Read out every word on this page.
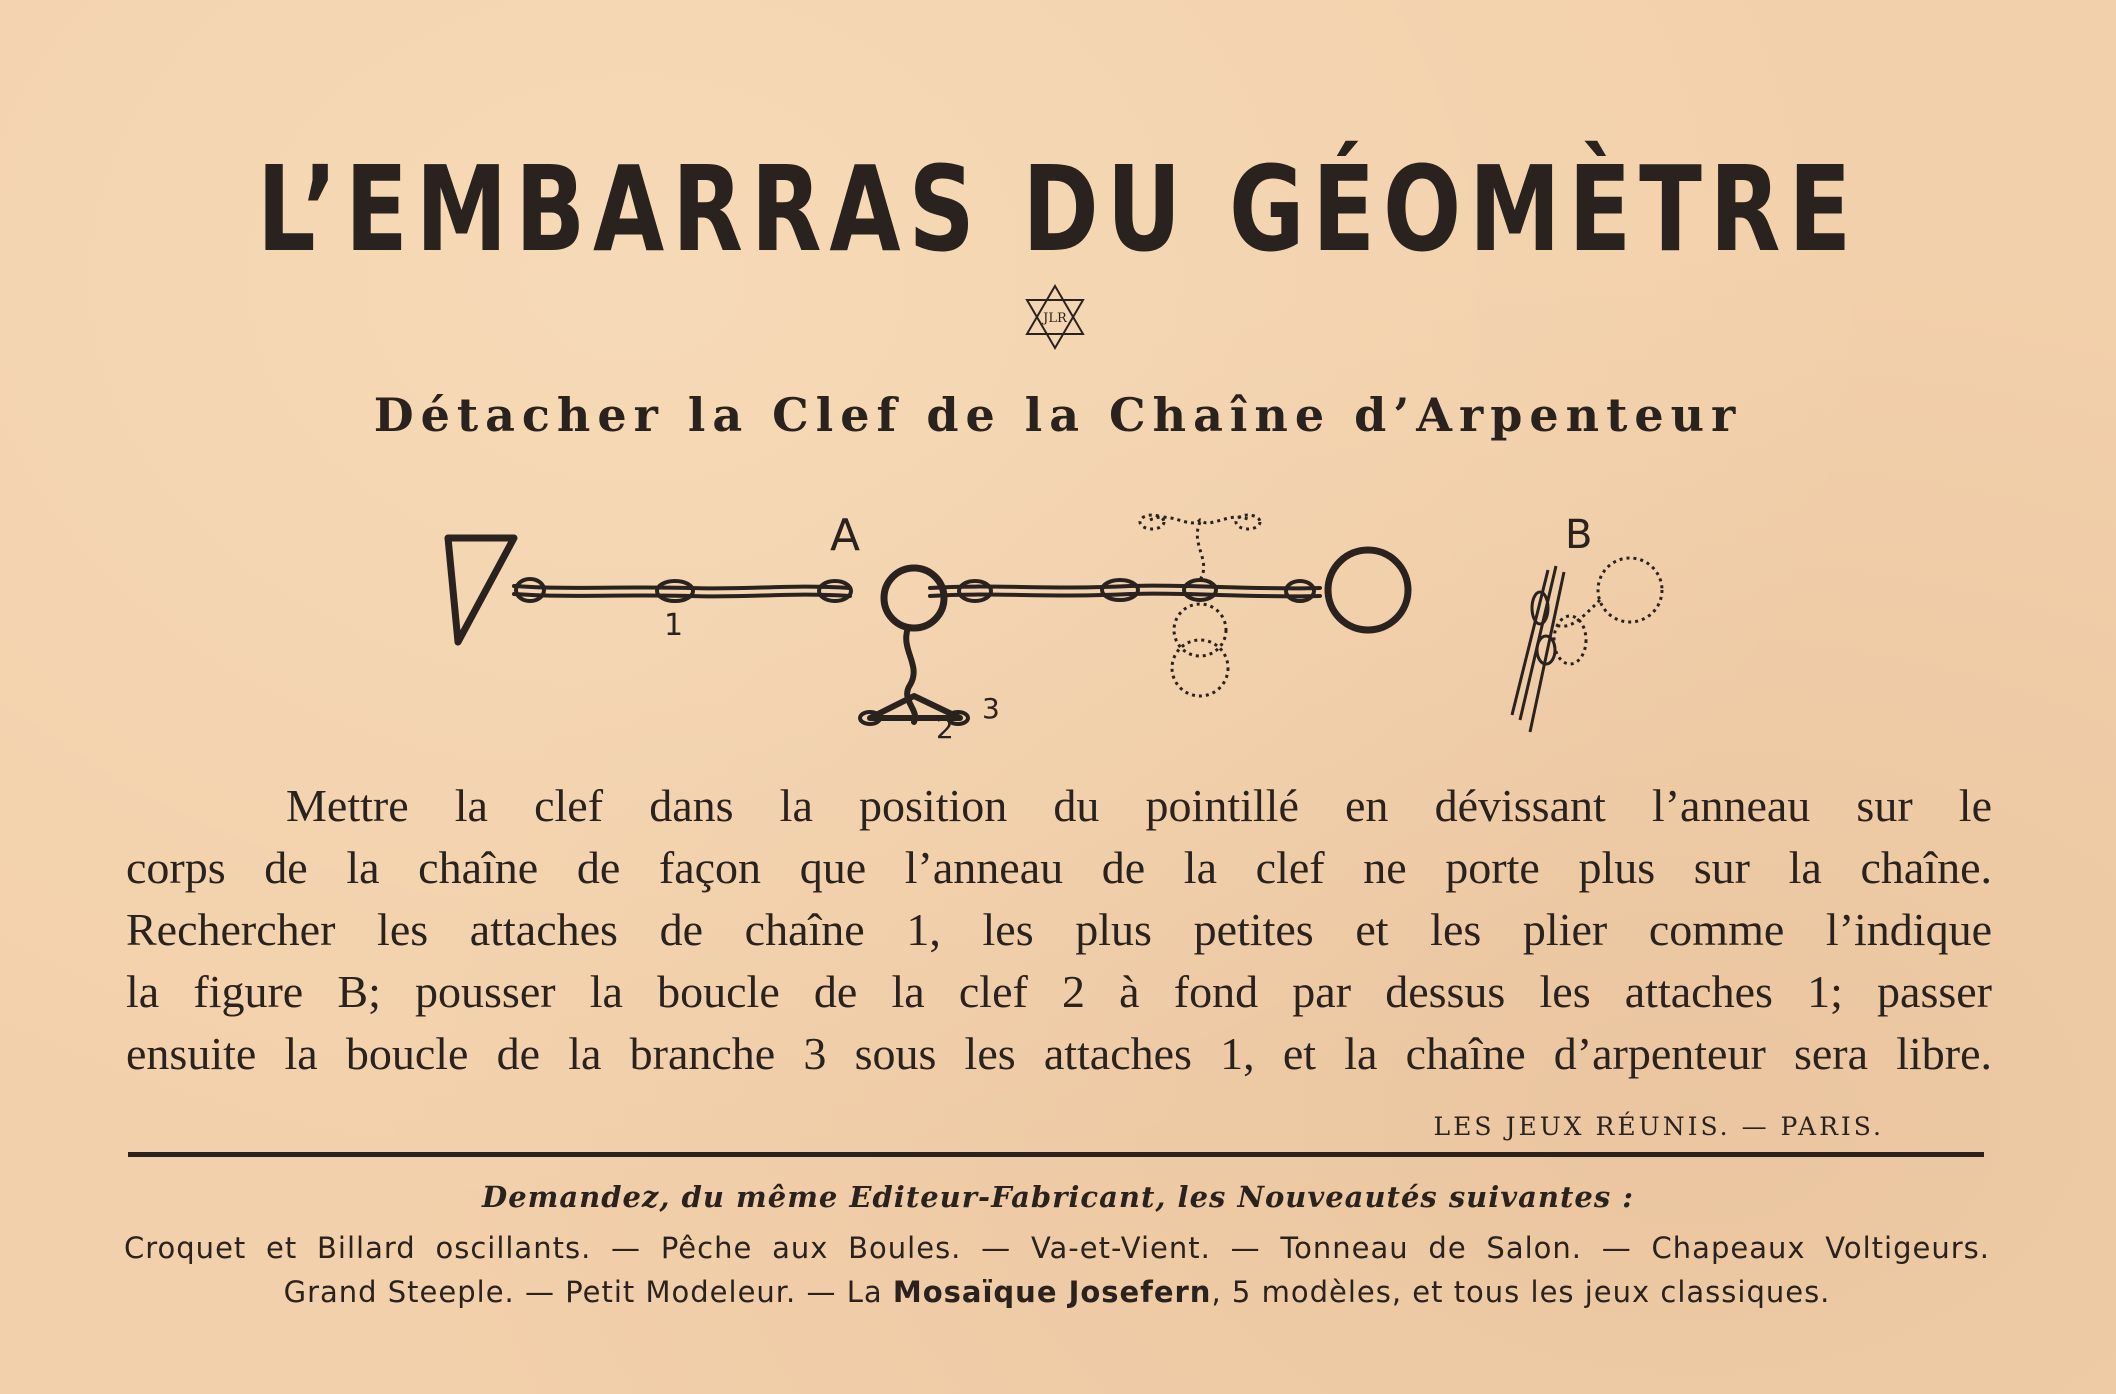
L’EMBARRAS DU GÉOMÈTRE
JLR
Détacher la Clef de la Chaîne d’Arpenteur
A	B
1
2
3
Mettre la clef dans la position du pointillé en dévissant l’anneau sur le
corps de la chaîne de façon que l’anneau de la clef ne porte plus sur la chaîne.
Rechercher les attaches de chaîne 1, les plus petites et les plier comme l’indique
la figure B; pousser la boucle de la clef 2 à fond par dessus les attaches 1; passer
ensuite la boucle de la branche 3 sous les attaches 1, et la chaîne d’arpenteur sera libre.
LES JEUX RÉUNIS. — PARIS.
Demandez, du même Editeur-Fabricant, les Nouveautés suivantes :
Croquet et Billard oscillants. — Pêche aux Boules. — Va-et-Vient. — Tonneau de Salon. — Chapeaux Voltigeurs.
Grand Steeple. — Petit Modeleur. — La Mosaïque Josefern, 5 modèles, et tous les jeux classiques.
